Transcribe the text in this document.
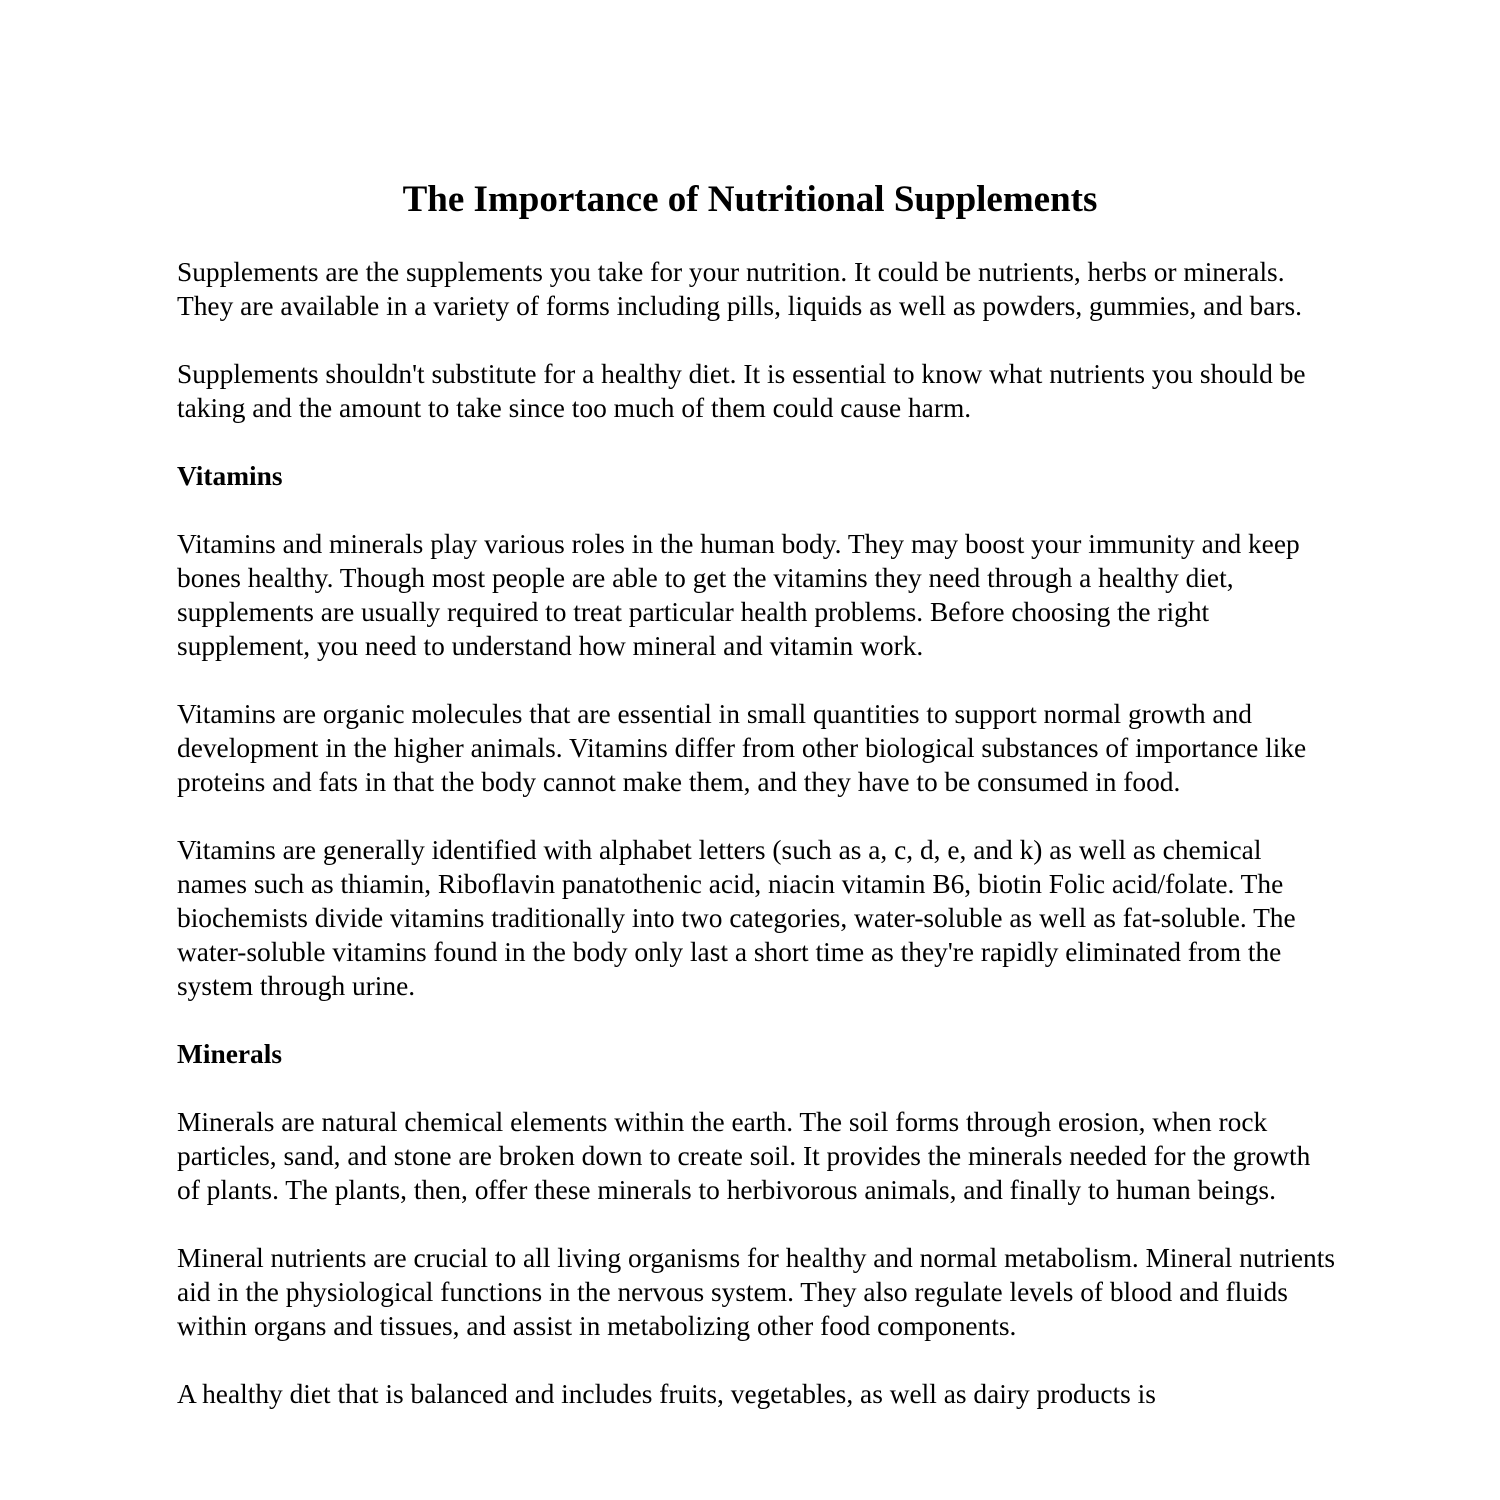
The Importance of Nutritional Supplements

Supplements are the supplements you take for your nutrition. It could be nutrients, herbs or minerals. They are available in a variety of forms including pills, liquids as well as powders, gummies, and bars.

Supplements shouldn't substitute for a healthy diet. It is essential to know what nutrients you should be taking and the amount to take since too much of them could cause harm.

Vitamins

Vitamins and minerals play various roles in the human body. They may boost your immunity and keep bones healthy. Though most people are able to get the vitamins they need through a healthy diet, supplements are usually required to treat particular health problems. Before choosing the right supplement, you need to understand how mineral and vitamin work.

Vitamins are organic molecules that are essential in small quantities to support normal growth and development in the higher animals. Vitamins differ from other biological substances of importance like proteins and fats in that the body cannot make them, and they have to be consumed in food.

Vitamins are generally identified with alphabet letters (such as a, c, d, e, and k) as well as chemical names such as thiamin, Riboflavin panatothenic acid, niacin vitamin B6, biotin Folic acid/folate. The biochemists divide vitamins traditionally into two categories, water-soluble as well as fat-soluble. The water-soluble vitamins found in the body only last a short time as they're rapidly eliminated from the system through urine.

Minerals

Minerals are natural chemical elements within the earth. The soil forms through erosion, when rock particles, sand, and stone are broken down to create soil. It provides the minerals needed for the growth of plants. The plants, then, offer these minerals to herbivorous animals, and finally to human beings.

Mineral nutrients are crucial to all living organisms for healthy and normal metabolism. Mineral nutrients aid in the physiological functions in the nervous system. They also regulate levels of blood and fluids within organs and tissues, and assist in metabolizing other food components.

A healthy diet that is balanced and includes fruits, vegetables, as well as dairy products is
